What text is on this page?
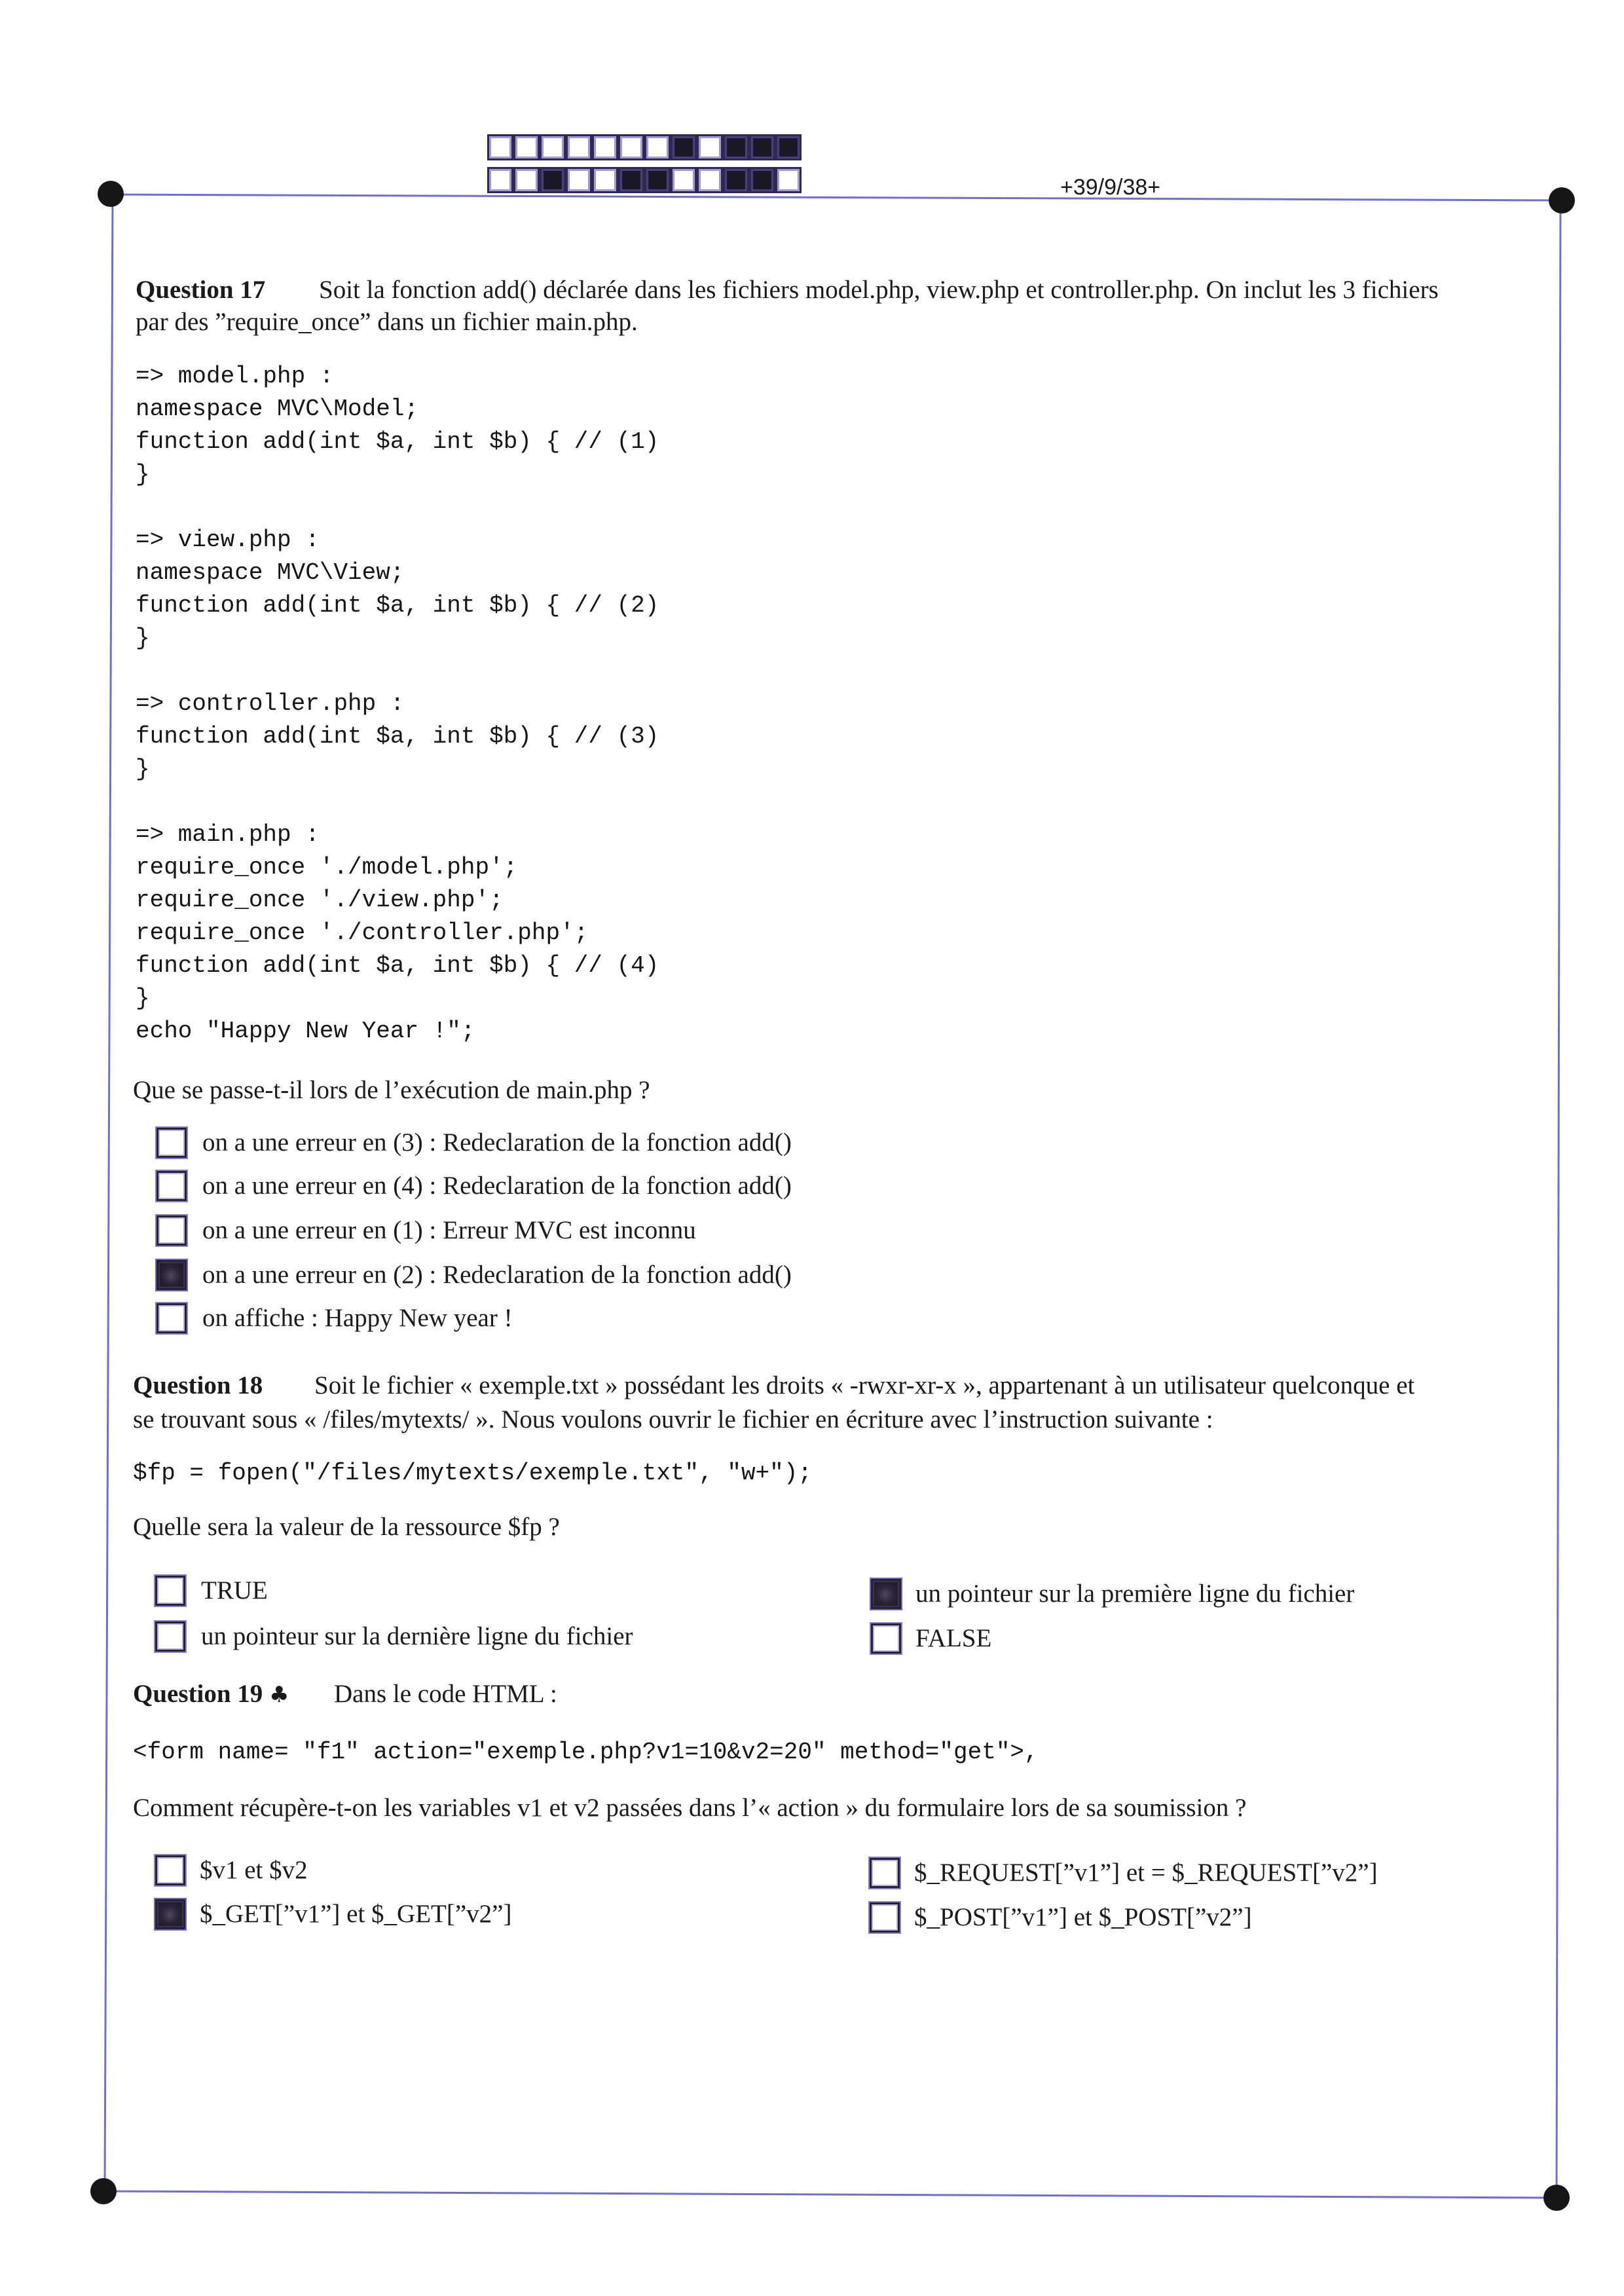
+39/9/38+
Question 17 Soit la fonction add() déclarée dans les fichiers model.php, view.php et controller.php. On inclut les 3 fichiers
par des ”require_once” dans un fichier main.php.
=> model.php :
namespace MVC\Model;
function add(int $a, int $b) { // (1)
}

=> view.php :
namespace MVC\View;
function add(int $a, int $b) { // (2)
}

=> controller.php :
function add(int $a, int $b) { // (3)
}

=> main.php :
require_once './model.php';
require_once './view.php';
require_once './controller.php';
function add(int $a, int $b) { // (4)
}
echo "Happy New Year !";
Que se passe-t-il lors de l’exécution de main.php ?
on a une erreur en (3) : Redeclaration de la fonction add()
on a une erreur en (4) : Redeclaration de la fonction add()
on a une erreur en (1) : Erreur MVC est inconnu
on a une erreur en (2) : Redeclaration de la fonction add()
on affiche : Happy New year !
Question 18 Soit le fichier « exemple.txt » possédant les droits « -rwxr-xr-x », appartenant à un utilisateur quelconque et
se trouvant sous « /files/mytexts/ ». Nous voulons ouvrir le fichier en écriture avec l’instruction suivante :
$fp = fopen("/files/mytexts/exemple.txt", "w+");
Quelle sera la valeur de la ressource $fp ?
TRUE
un pointeur sur la dernière ligne du fichier
un pointeur sur la première ligne du fichier
FALSE
Question 19 ♣ Dans le code HTML :
<form name= "f1" action="exemple.php?v1=10&v2=20" method="get">,
Comment récupère-t-on les variables v1 et v2 passées dans l’« action » du formulaire lors de sa soumission ?
$v1 et $v2
$_GET[”v1”] et $_GET[”v2”]
$_REQUEST[”v1”] et = $_REQUEST[”v2”]
$_POST[”v1”] et $_POST[”v2”]
